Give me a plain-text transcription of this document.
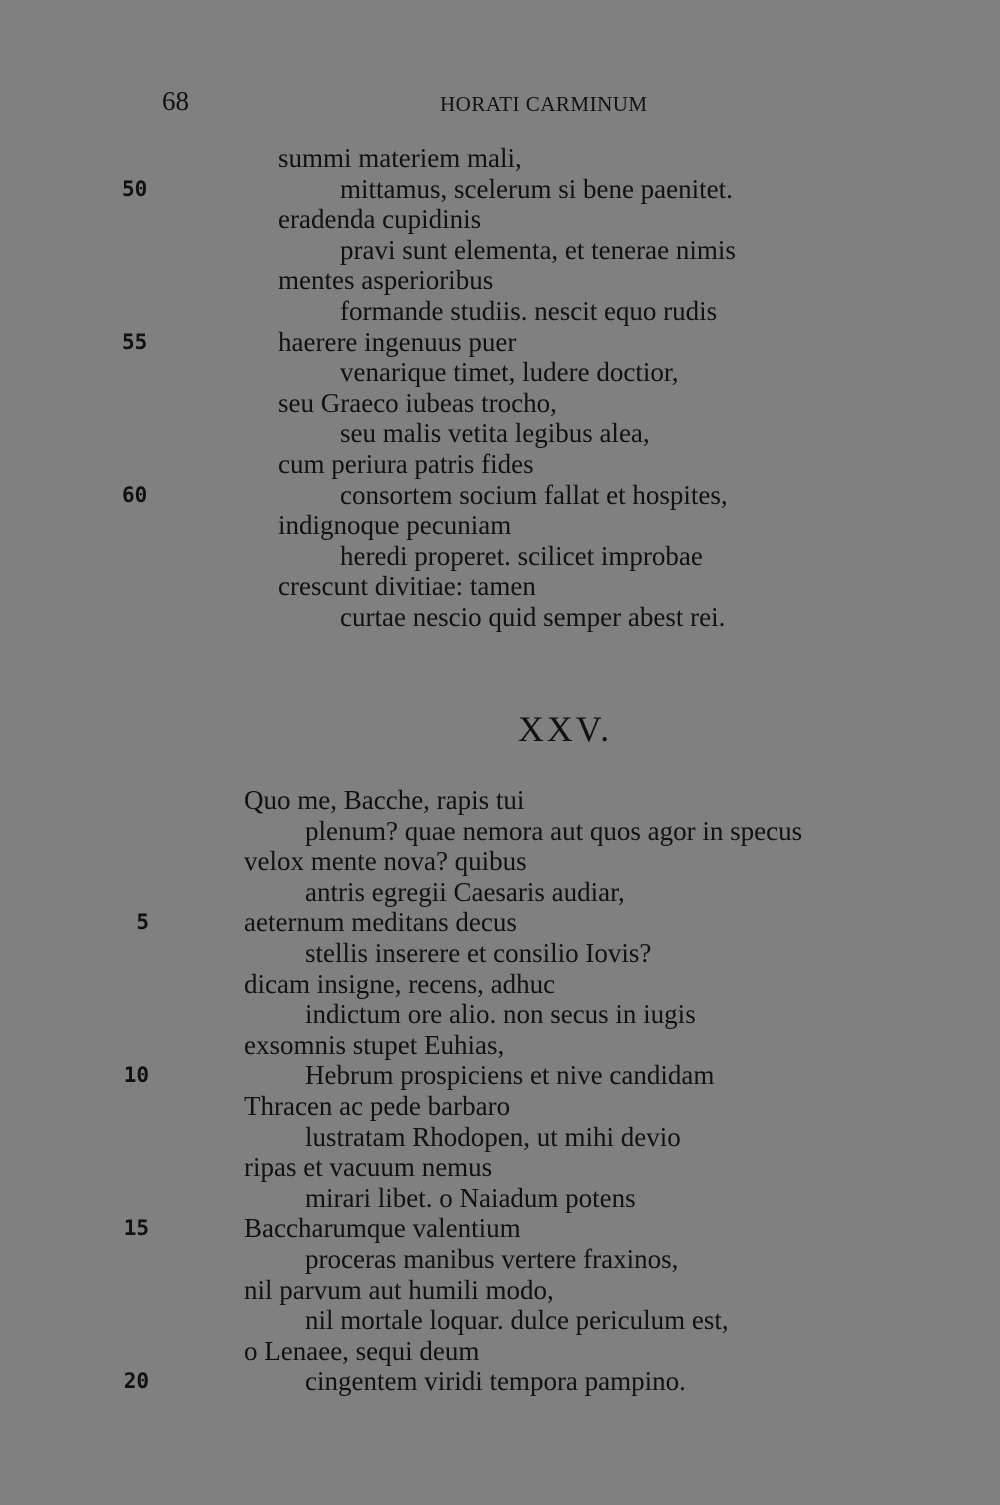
68	HORATI CARMINUM
summi materiem mali,
50	mittamus, scelerum si bene paenitet.
eradenda cupidinis
pravi sunt elementa, et tenerae nimis
mentes asperioribus
formande studiis. nescit equo rudis
55	haerere ingenuus puer
venarique timet, ludere doctior,
seu Graeco iubeas trocho,
seu malis vetita legibus alea,
cum periura patris fides
60	consortem socium fallat et hospites,
indignoque pecuniam
heredi properet. scilicet improbae
crescunt divitiae: tamen
curtae nescio quid semper abest rei.
XXV.
Quo me, Bacche, rapis tui
plenum? quae nemora aut quos agor in specus
velox mente nova? quibus
antris egregii Caesaris audiar,
5	aeternum meditans decus
stellis inserere et consilio Iovis?
dicam insigne, recens, adhuc
indictum ore alio. non secus in iugis
exsomnis stupet Euhias,
10	Hebrum prospiciens et nive candidam
Thracen ac pede barbaro
lustratam Rhodopen, ut mihi devio
ripas et vacuum nemus
mirari libet. o Naiadum potens
15	Baccharumque valentium
proceras manibus vertere fraxinos,
nil parvum aut humili modo,
nil mortale loquar. dulce periculum est,
o Lenaee, sequi deum
20	cingentem viridi tempora pampino.
